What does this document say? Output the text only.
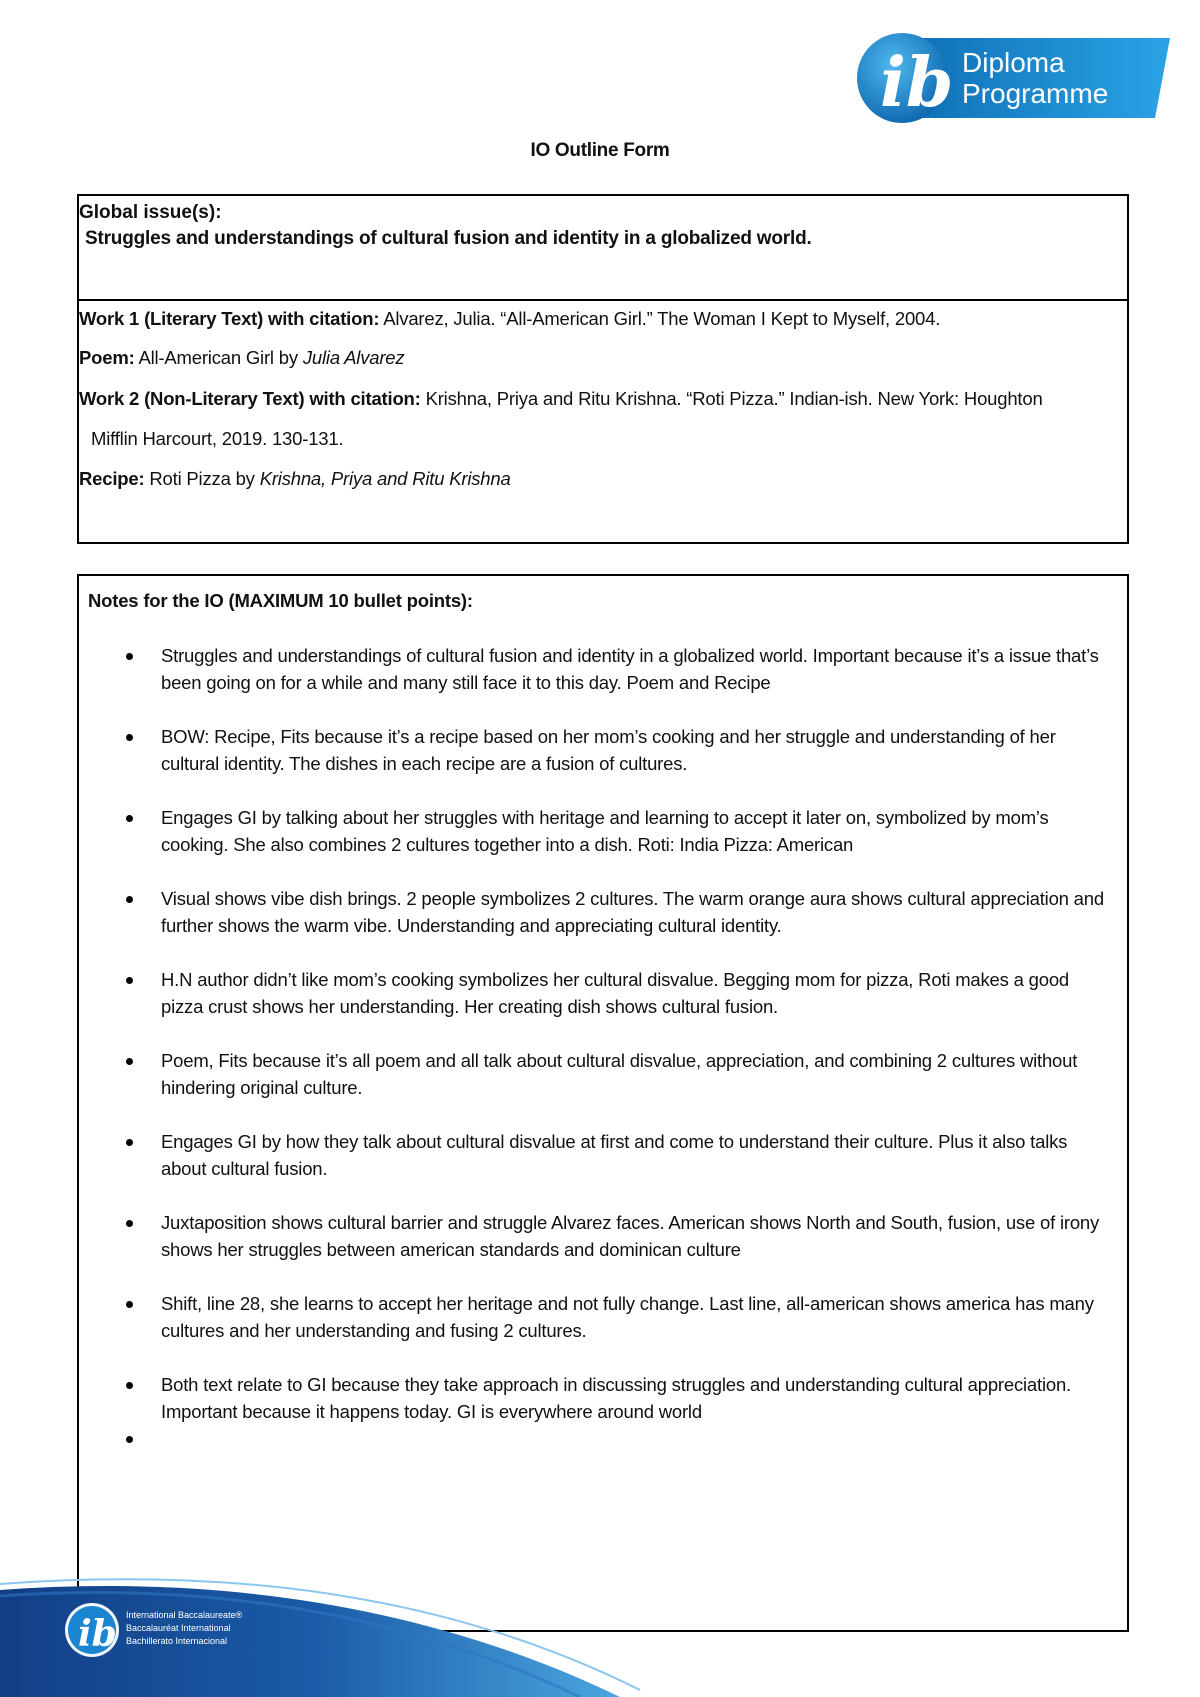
ib Diploma
Programme
IO Outline Form
Global issue(s):
Struggles and understandings of cultural fusion and identity in a globalized world.
Work 1 (Literary Text) with citation: Alvarez, Julia. “All-American Girl.” The Woman I Kept to Myself, 2004.
Poem: All-American Girl by Julia Alvarez
Work 2 (Non-Literary Text) with citation: Krishna, Priya and Ritu Krishna. “Roti Pizza.” Indian-ish. New York: Houghton
Mifflin Harcourt, 2019. 130-131.
Recipe: Roti Pizza by Krishna, Priya and Ritu Krishna
Notes for the IO (MAXIMUM 10 bullet points):
Struggles and understandings of cultural fusion and identity in a globalized world. Important because it’s a issue that’s been going on for a while and many still face it to this day. Poem and Recipe
BOW: Recipe, Fits because it’s a recipe based on her mom’s cooking and her struggle and understanding of her cultural identity. The dishes in each recipe are a fusion of cultures.
Engages GI by talking about her struggles with heritage and learning to accept it later on, symbolized by mom’s cooking. She also combines 2 cultures together into a dish. Roti: India Pizza: American
Visual shows vibe dish brings. 2 people symbolizes 2 cultures. The warm orange aura shows cultural appreciation and further shows the warm vibe. Understanding and appreciating cultural identity.
H.N author didn’t like mom’s cooking symbolizes her cultural disvalue. Begging mom for pizza, Roti makes a good pizza crust shows her understanding. Her creating dish shows cultural fusion.
Poem, Fits because it’s all poem and all talk about cultural disvalue, appreciation, and combining 2 cultures without hindering original culture.
Engages GI by how they talk about cultural disvalue at first and come to understand their culture. Plus it also talks about cultural fusion.
Juxtaposition shows cultural barrier and struggle Alvarez faces. American shows North and South, fusion, use of irony shows her struggles between american standards and dominican culture
Shift, line 28, she learns to accept her heritage and not fully change. Last line, all-american shows america has many cultures and her understanding and fusing 2 cultures.
Both text relate to GI because they take approach in discussing struggles and understanding cultural appreciation. Important because it happens today. GI is everywhere around world
ib International Baccalaureate®
Baccalauréat International
Bachillerato Internacional
